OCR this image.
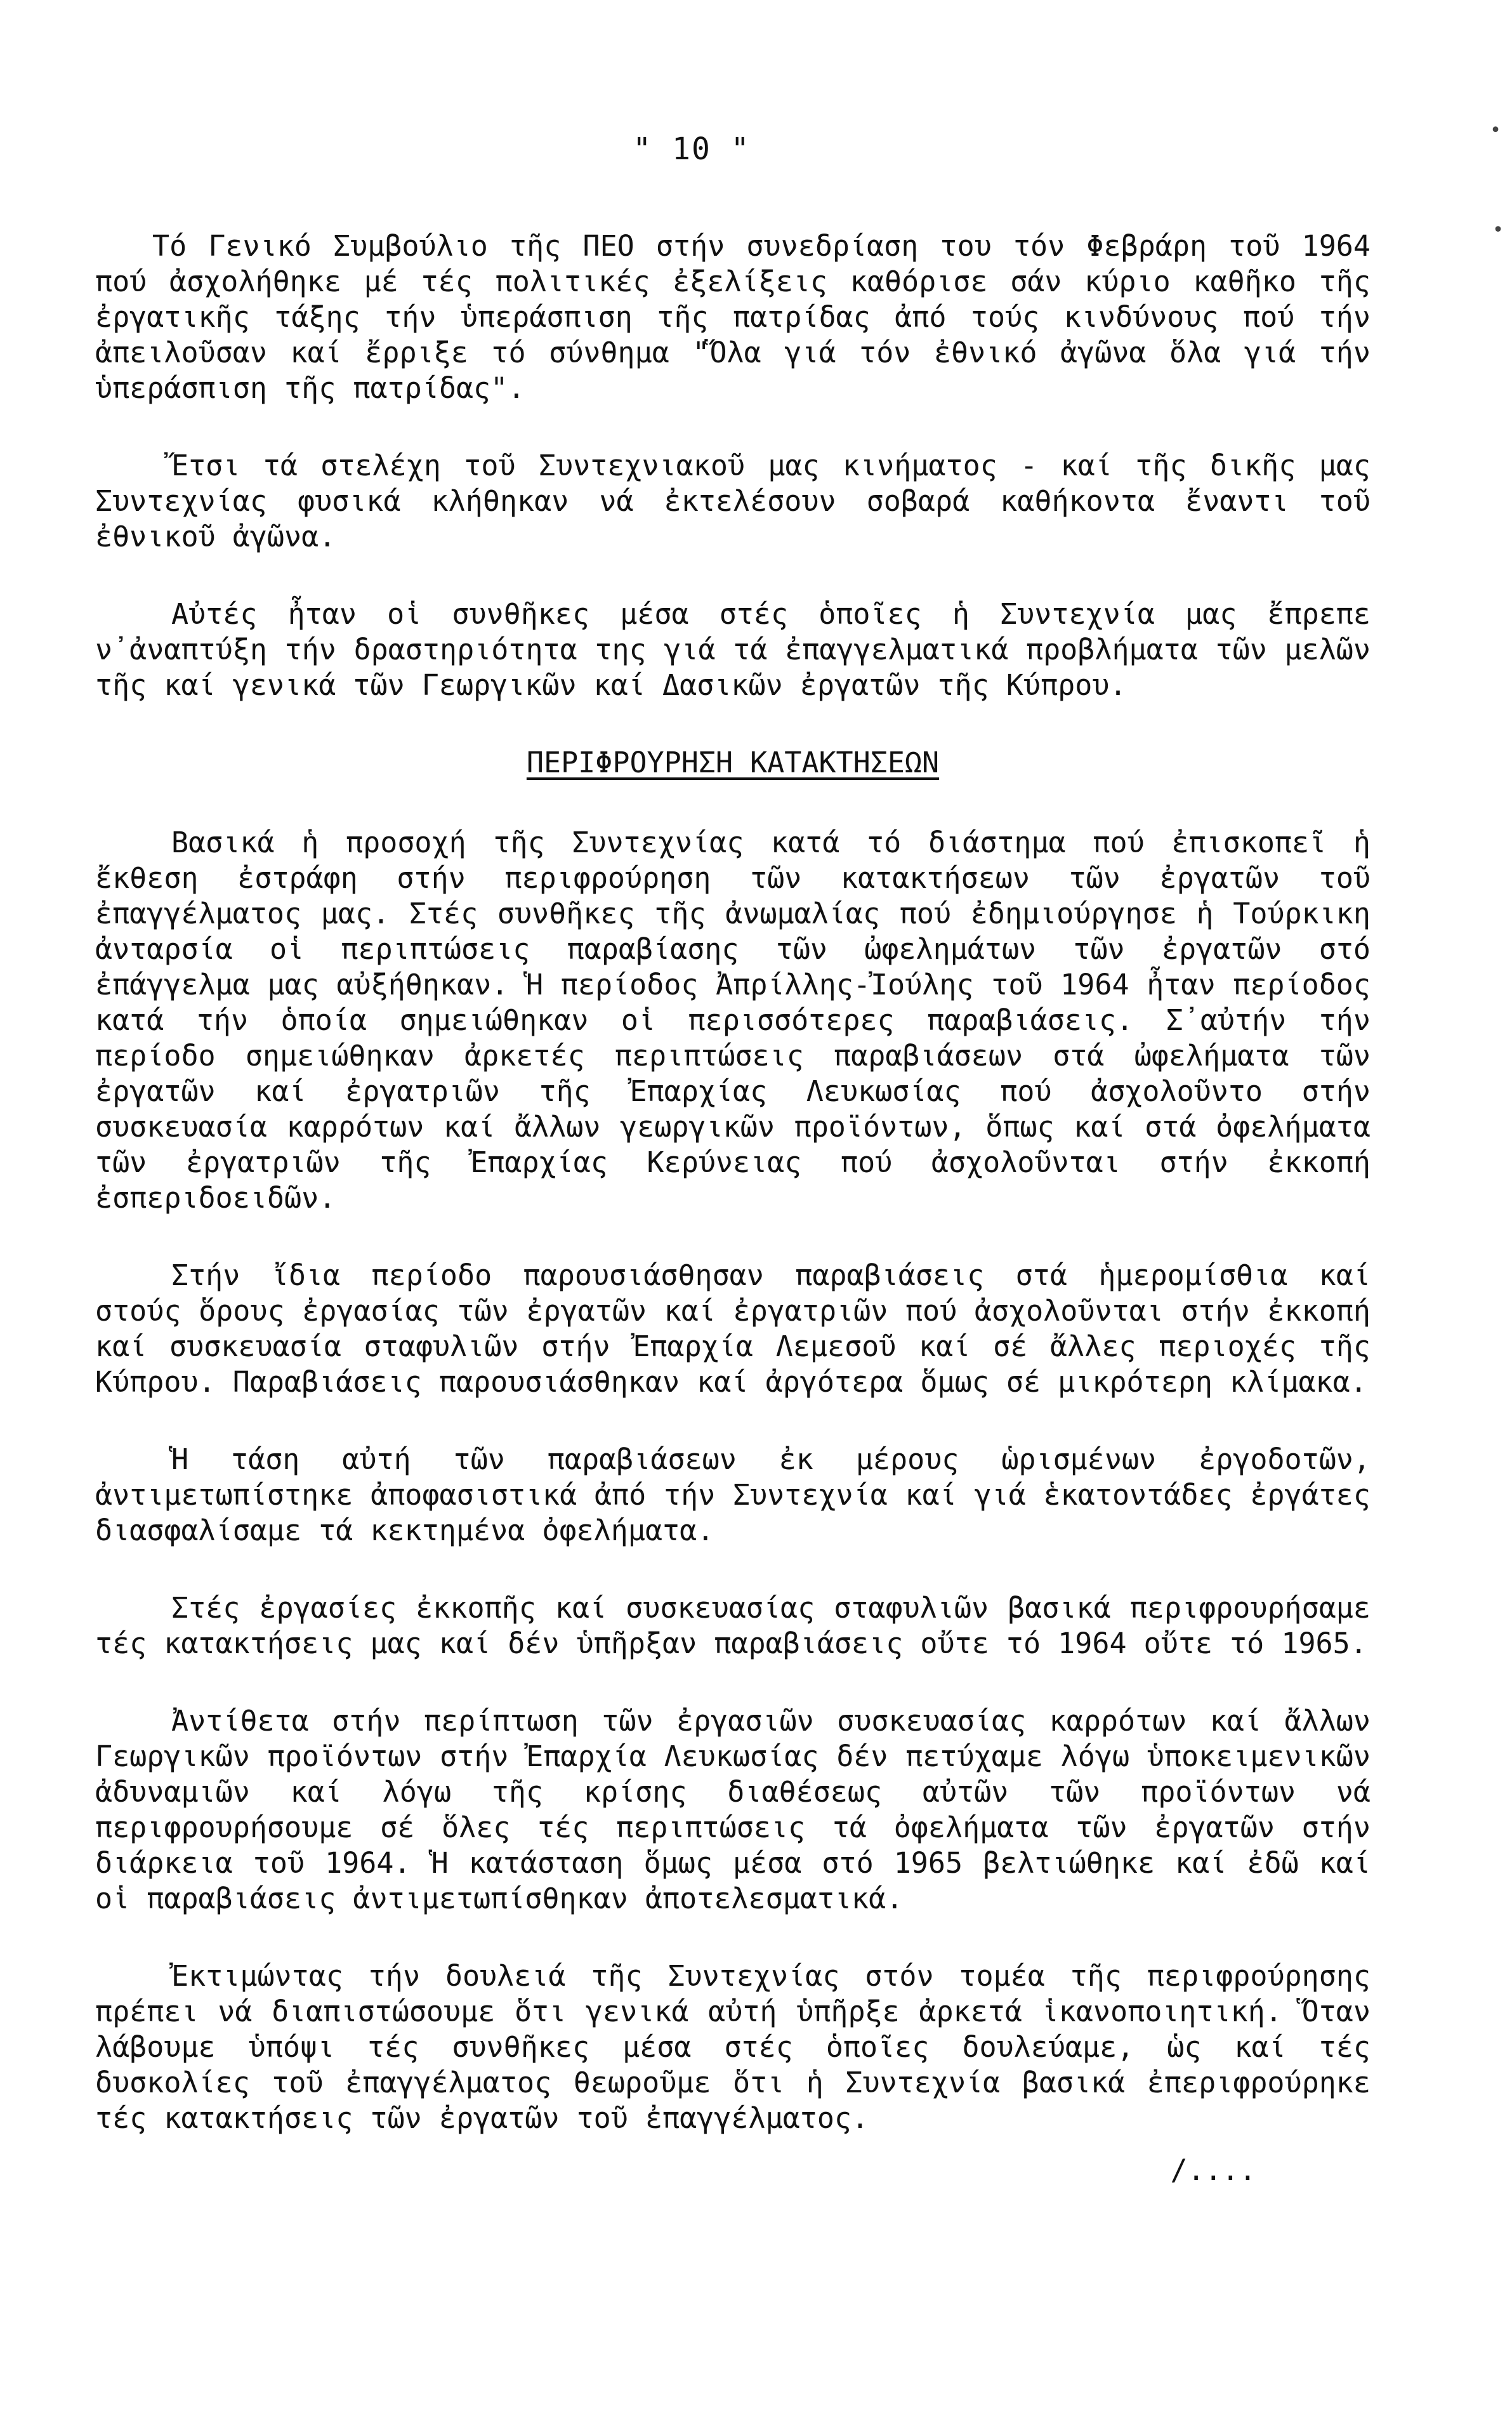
" 10 "
•
•

Τό Γενικό Συμβούλιο τῆς ΠΕΟ στήν συνεδρίαση του τόν Φεβράρη τοῦ 1964 πού ἀσχολήθηκε μέ τές πολιτικές ἐξελίξεις καθόρισε σάν κύριο καθῆκο τῆς ἐργατικῆς τάξης τήν ὑπεράσπιση τῆς πατρίδας ἀπό τούς κινδύνους πού τήν ἀπειλοῦσαν καί ἔρριξε τό σύνθημα "Ὅλα γιά τόν ἐθνικό ἀγῶνα ὅλα γιά τήν ὑπεράσπιση τῆς πατρίδας".

Ἔτσι τά στελέχη τοῦ Συντεχνιακοῦ μας κινήματος - καί τῆς δικῆς μας Συντεχνίας φυσικά κλήθηκαν νά ἐκτελέσουν σοβαρά καθήκοντα ἔναντι τοῦ ἐθνικοῦ ἀγῶνα.

Αὐτές ἦταν οἱ συνθῆκες μέσα στές ὁποῖες ἡ Συντεχνία μας ἔπρεπε ν᾽ἀναπτύξη τήν δραστηριότητα της γιά τά ἐπαγγελματικά προβλήματα τῶν μελῶν τῆς καί γενικά τῶν Γεωργικῶν καί Δασικῶν ἐργατῶν τῆς Κύπρου.

ΠΕΡΙΦΡΟΥΡΗΣΗ ΚΑΤΑΚΤΗΣΕΩΝ

Βασικά ἡ προσοχή τῆς Συντεχνίας κατά τό διάστημα πού ἐπισκοπεῖ ἡ ἔκθεση ἐστράφη στήν περιφρούρηση τῶν κατακτήσεων τῶν ἐργατῶν τοῦ ἐπαγγέλματος μας. Στές συνθῆκες τῆς ἀνωμαλίας πού ἐδημιούργησε ἡ Τούρκικη ἀνταρσία οἱ περιπτώσεις παραβίασης τῶν ὠφελημάτων τῶν ἐργατῶν στό ἐπάγγελμα μας αὐξήθηκαν. Ἡ περίοδος Ἀπρίλλης-Ἰούλης τοῦ 1964 ἦταν περίοδος κατά τήν ὁποία σημειώθηκαν οἱ περισσότερες παραβιάσεις. Σ᾽αὐτήν τήν περίοδο σημειώθηκαν ἀρκετές περιπτώσεις παραβιάσεων στά ὠφελήματα τῶν ἐργατῶν καί ἐργατριῶν τῆς Ἐπαρχίας Λευκωσίας πού ἀσχολοῦντο στήν συσκευασία καρρότων καί ἄλλων γεωργικῶν προϊόντων, ὅπως καί στά ὀφελήματα τῶν ἐργατριῶν τῆς Ἐπαρχίας Κερύνειας πού ἀσχολοῦνται στήν ἐκκοπή ἐσπεριδοειδῶν.

Στήν ἴδια περίοδο παρουσιάσθησαν παραβιάσεις στά ἡμερομίσθια καί στούς ὅρους ἐργασίας τῶν ἐργατῶν καί ἐργατριῶν πού ἀσχολοῦνται στήν ἐκκοπή καί συσκευασία σταφυλιῶν στήν Ἐπαρχία Λεμεσοῦ καί σέ ἄλλες περιοχές τῆς Κύπρου. Παραβιάσεις παρουσιάσθηκαν καί ἀργότερα ὅμως σέ μικρότερη κλίμακα.

Ἡ τάση αὐτή τῶν παραβιάσεων ἐκ μέρους ὡρισμένων ἐργοδοτῶν, ἀντιμετωπίστηκε ἀποφασιστικά ἀπό τήν Συντεχνία καί γιά ἑκατοντάδες ἐργάτες διασφαλίσαμε τά κεκτημένα ὀφελήματα.

Στές ἐργασίες ἐκκοπῆς καί συσκευασίας σταφυλιῶν βασικά περιφρουρήσαμε τές κατακτήσεις μας καί δέν ὑπῆρξαν παραβιάσεις οὔτε τό 1964 οὔτε τό 1965.

Ἀντίθετα στήν περίπτωση τῶν ἐργασιῶν συσκευασίας καρρότων καί ἄλλων Γεωργικῶν προϊόντων στήν Ἐπαρχία Λευκωσίας δέν πετύχαμε λόγω ὑποκειμενικῶν ἀδυναμιῶν καί λόγω τῆς κρίσης διαθέσεως αὐτῶν τῶν προϊόντων νά περιφρουρήσουμε σέ ὅλες τές περιπτώσεις τά ὀφελήματα τῶν ἐργατῶν στήν διάρκεια τοῦ 1964. Ἡ κατάσταση ὅμως μέσα στό 1965 βελτιώθηκε καί ἐδῶ καί οἱ παραβιάσεις ἀντιμετωπίσθηκαν ἀποτελεσματικά.

Ἐκτιμώντας τήν δουλειά τῆς Συντεχνίας στόν τομέα τῆς περιφρούρησης πρέπει νά διαπιστώσουμε ὅτι γενικά αὐτή ὑπῆρξε ἀρκετά ἱκανοποιητική. Ὅταν λάβουμε ὑπόψι τές συνθῆκες μέσα στές ὁποῖες δουλεύαμε, ὡς καί τές δυσκολίες τοῦ ἐπαγγέλματος θεωροῦμε ὅτι ἡ Συντεχνία βασικά ἐπεριφρούρηκε τές κατακτήσεις τῶν ἐργατῶν τοῦ ἐπαγγέλματος.

/....
